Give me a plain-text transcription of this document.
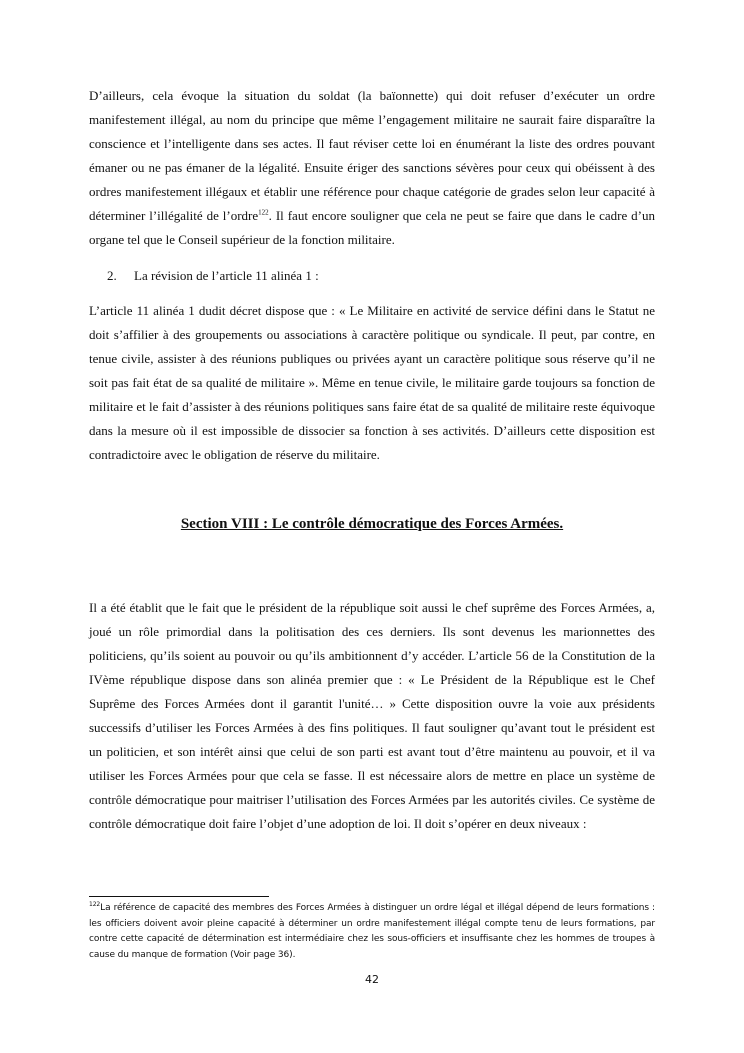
D’ailleurs, cela évoque la situation du soldat (la baïonnette) qui doit refuser d’exécuter un ordre manifestement illégal, au nom du principe que même l’engagement militaire ne saurait faire disparaître la conscience et l’intelligente dans ses actes. Il faut réviser cette loi en énumérant la liste des ordres pouvant émaner ou ne pas émaner de la légalité. Ensuite ériger des sanctions sévères pour ceux qui obéissent à des ordres manifestement illégaux et établir une référence pour chaque catégorie de grades selon leur capacité à déterminer l’illégalité de l’ordre$^{122}$. Il faut encore souligner que cela ne peut se faire que dans le cadre d’un organe tel que le Conseil supérieur de la fonction militaire.

2. La révision de l’article 11 alinéa 1 :

L’article 11 alinéa 1 dudit décret dispose que : « Le Militaire en activité de service défini dans le Statut ne doit s’affilier à des groupements ou associations à caractère politique ou syndicale. Il peut, par contre, en tenue civile, assister à des réunions publiques ou privées ayant un caractère politique sous réserve qu’il ne soit pas fait état de sa qualité de militaire ». Même en tenue civile, le militaire garde toujours sa fonction de militaire et le fait d’assister à des réunions politiques sans faire état de sa qualité de militaire reste équivoque dans la mesure où il est impossible de dissocier sa fonction à ses activités. D’ailleurs cette disposition est contradictoire avec le obligation de réserve du militaire.

Section VIII : Le contrôle démocratique des Forces Armées.

Il a été établit que le fait que le président de la république soit aussi le chef suprême des Forces Armées, a, joué un rôle primordial dans la politisation des ces derniers. Ils sont devenus les marionnettes des politiciens, qu’ils soient au pouvoir ou qu’ils ambitionnent d’y accéder. L’article 56 de la Constitution de la IVème république dispose dans son alinéa premier que : « Le Président de la République est le Chef Suprême des Forces Armées dont il garantit l'unité… » Cette disposition ouvre la voie aux présidents successifs d’utiliser les Forces Armées à des fins politiques. Il faut souligner qu’avant tout le président est un politicien, et son intérêt ainsi que celui de son parti est avant tout d’être maintenu au pouvoir, et il va utiliser les Forces Armées pour que cela se fasse. Il est nécessaire alors de mettre en place un système de contrôle démocratique pour maitriser l’utilisation des Forces Armées par les autorités civiles. Ce système de contrôle démocratique doit faire l’objet d’une adoption de loi. Il doit s’opérer en deux niveaux :

$^{122}$La référence de capacité des membres des Forces Armées à distinguer un ordre légal et illégal dépend de leurs formations : les officiers doivent avoir pleine capacité à déterminer un ordre manifestement illégal compte tenu de leurs formations, par contre cette capacité de détermination est intermédiaire chez les sous-officiers et insuffisante chez les hommes de troupes à cause du manque de formation (Voir page 36).

42
